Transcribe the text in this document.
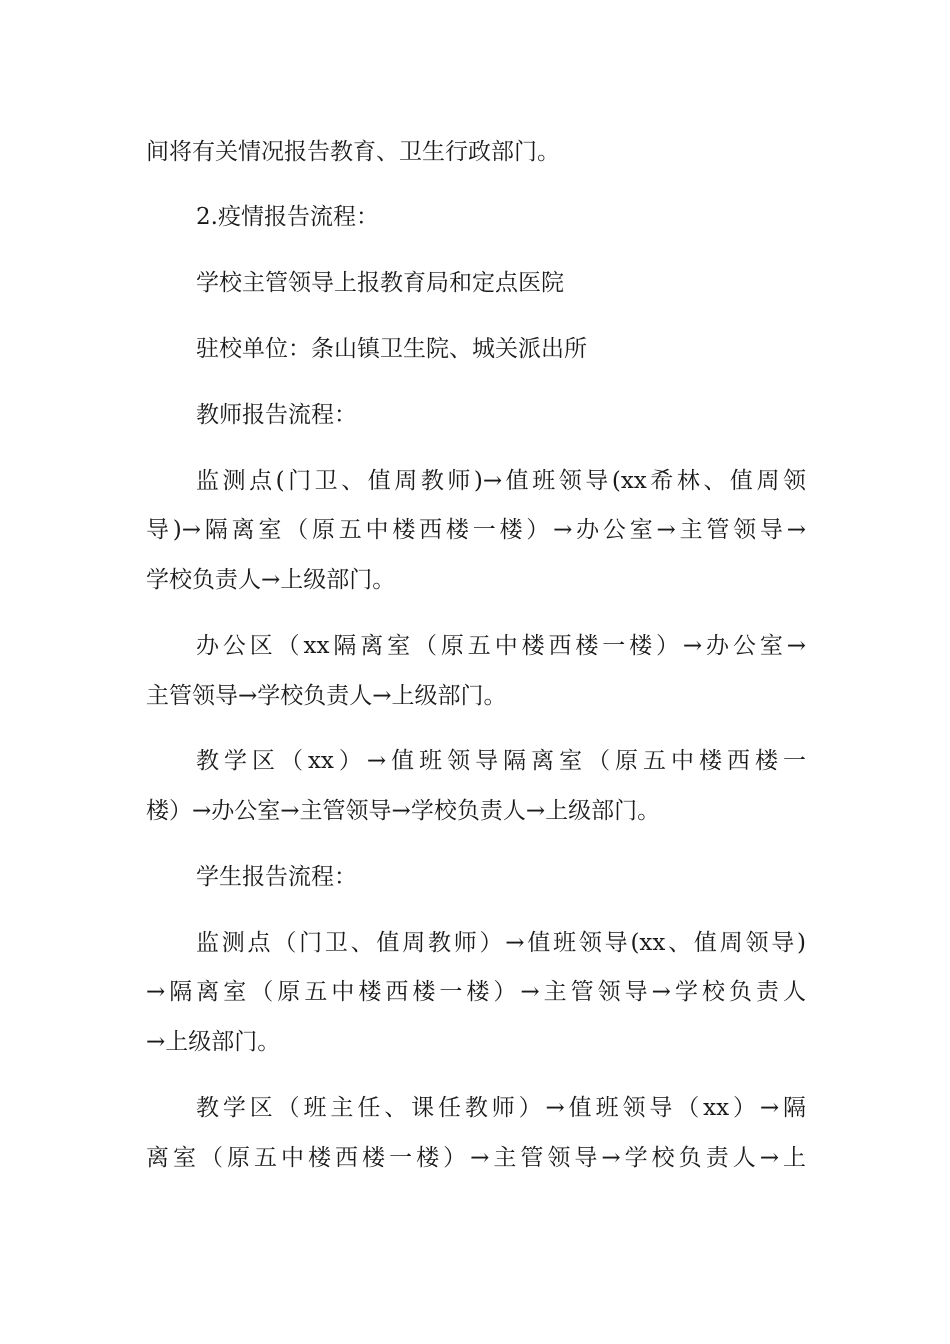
间将有关情况报告教育、卫生行政部门。
2.疫情报告流程：
学校主管领导上报教育局和定点医院
驻校单位：条山镇卫生院、城关派出所
教师报告流程：
监测点(门卫、值周教师)→值班领导(xx希林、值周领
导)→隔离室（原五中楼西楼一楼）→办公室→主管领导→
学校负责人→上级部门。
办公区（xx隔离室（原五中楼西楼一楼）→办公室→
主管领导→学校负责人→上级部门。
教学区（xx）→值班领导隔离室（原五中楼西楼一
楼）→办公室→主管领导→学校负责人→上级部门。
学生报告流程：
监测点（门卫、值周教师）→值班领导(xx、值周领导)
→隔离室（原五中楼西楼一楼）→主管领导→学校负责人
→上级部门。
教学区（班主任、课任教师）→值班领导（xx）→隔
离室（原五中楼西楼一楼）→主管领导→学校负责人→上
